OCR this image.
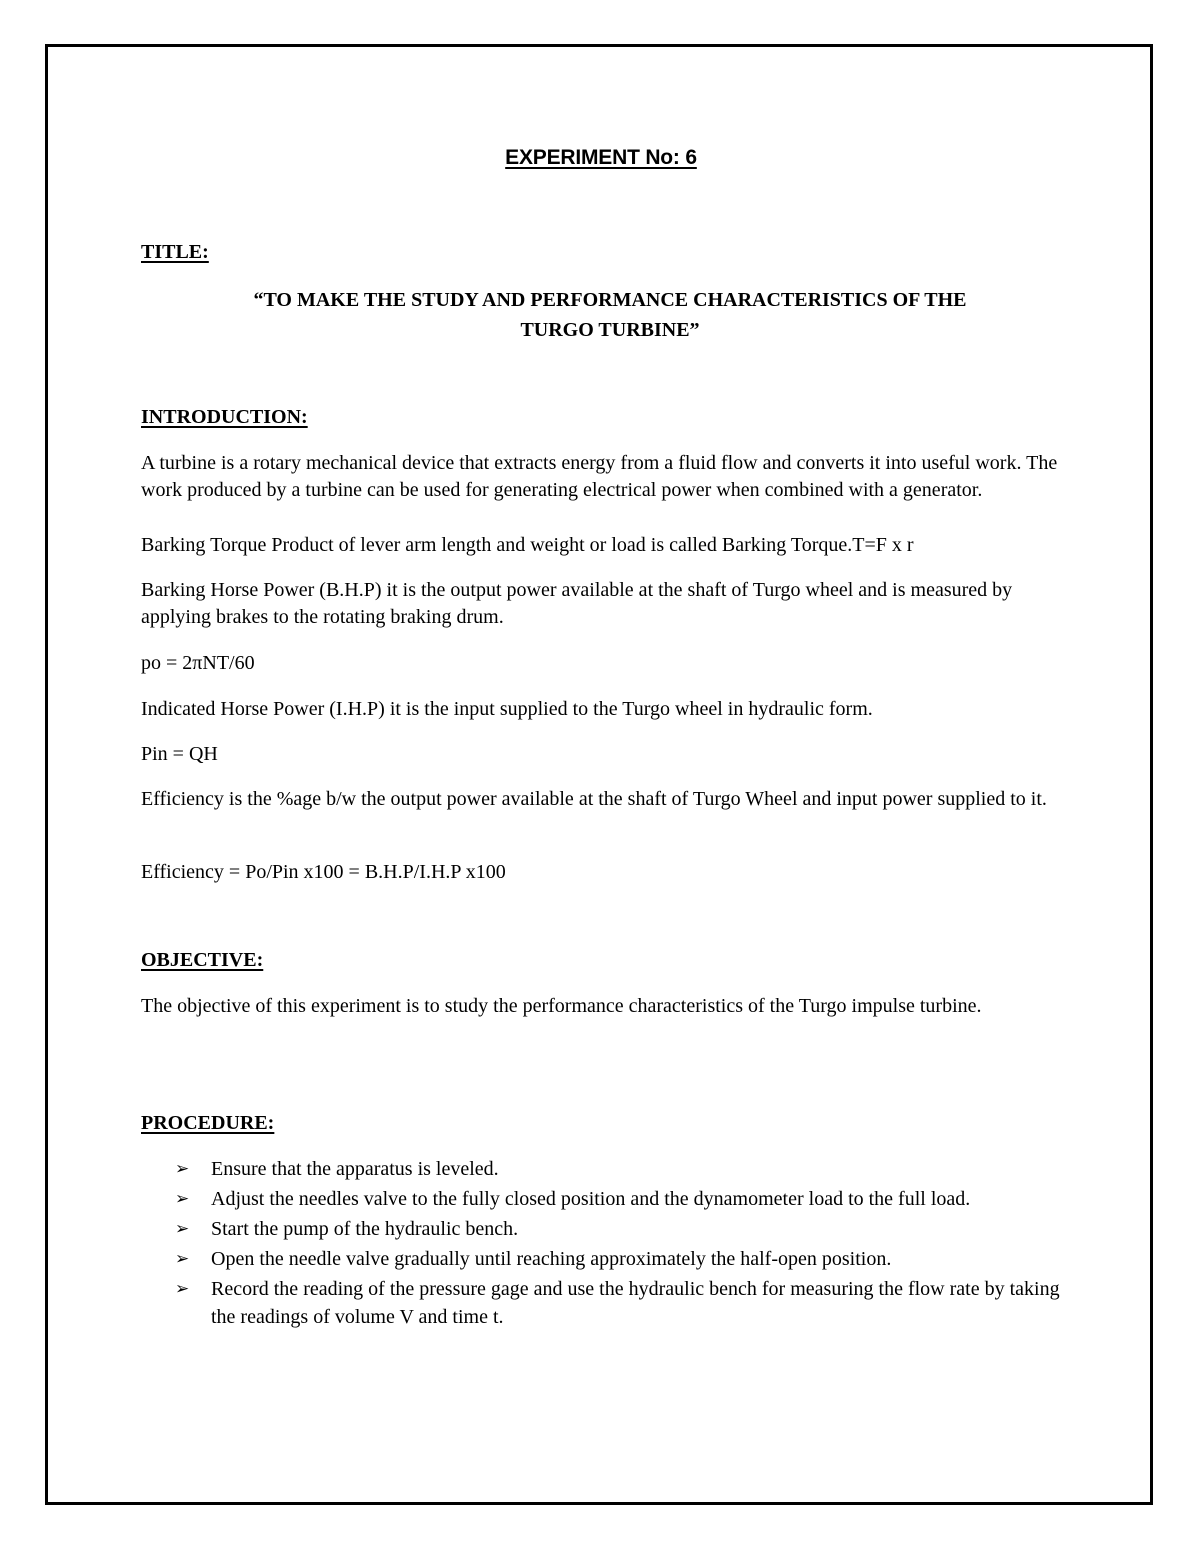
EXPERIMENT No: 6
TITLE:
“TO MAKE THE STUDY AND PERFORMANCE CHARACTERISTICS OF THE
TURGO TURBINE”
INTRODUCTION:

A turbine is a rotary mechanical device that extracts energy from a fluid flow and converts it into useful work. The work produced by a turbine can be used for generating electrical power when combined with a generator.

Barking Torque Product of lever arm length and weight or load is called Barking Torque.T=F x r

Barking Horse Power (B.H.P) it is the output power available at the shaft of Turgo wheel and is measured by applying brakes to the rotating braking drum.

po = 2πNT/60

Indicated Horse Power (I.H.P) it is the input supplied to the Turgo wheel in hydraulic form.

Pin = QH

Efficiency is the %age b/w the output power available at the shaft of Turgo Wheel and input power supplied to it.

Efficiency = Po/Pin x100 = B.H.P/I.H.P x100

OBJECTIVE:

The objective of this experiment is to study the performance characteristics of the Turgo impulse turbine.

PROCEDURE:
➢ Ensure that the apparatus is leveled.
➢ Adjust the needles valve to the fully closed position and the dynamometer load to the full load.
➢ Start the pump of the hydraulic bench.
➢ Open the needle valve gradually until reaching approximately the half-open position.
➢ Record the reading of the pressure gage and use the hydraulic bench for measuring the flow rate by taking the readings of volume V and time t.
